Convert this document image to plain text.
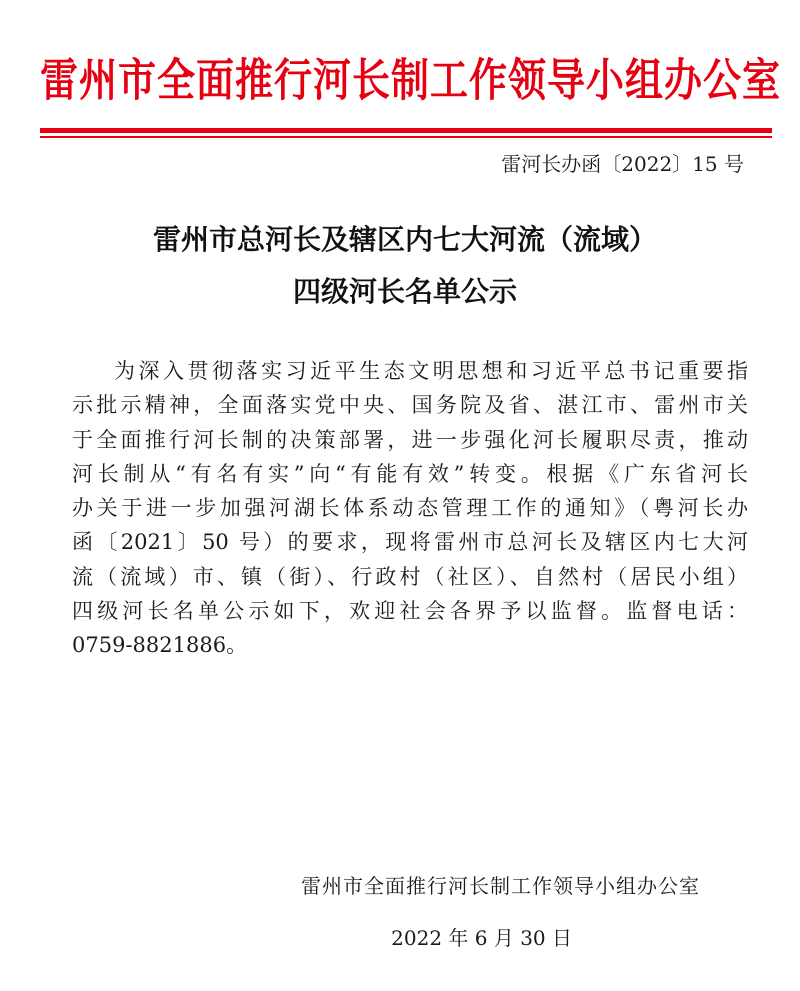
雷州市全面推行河长制工作领导小组办公室
雷河长办函〔2022〕15 号
雷州市总河长及辖区内七大河流（流域）
四级河长名单公示
为深入贯彻落实习近平生态文明思想和习近平总书记重要指
示批示精神，全面落实党中央、国务院及省、湛江市、雷州市关
于全面推行河长制的决策部署，进一步强化河长履职尽责，推动
河长制从“有名有实”向“有能有效”转变。根据《广东省河长
办关于进一步加强河湖长体系动态管理工作的通知》（粤河长办
函〔2021〕50 号）的要求，现将雷州市总河长及辖区内七大河
流（流域）市、镇（街）、行政村（社区）、自然村（居民小组）
四级河长名单公示如下，欢迎社会各界予以监督。监督电话：
0759-8821886。
雷州市全面推行河长制工作领导小组办公室
2022 年 6 月 30 日
